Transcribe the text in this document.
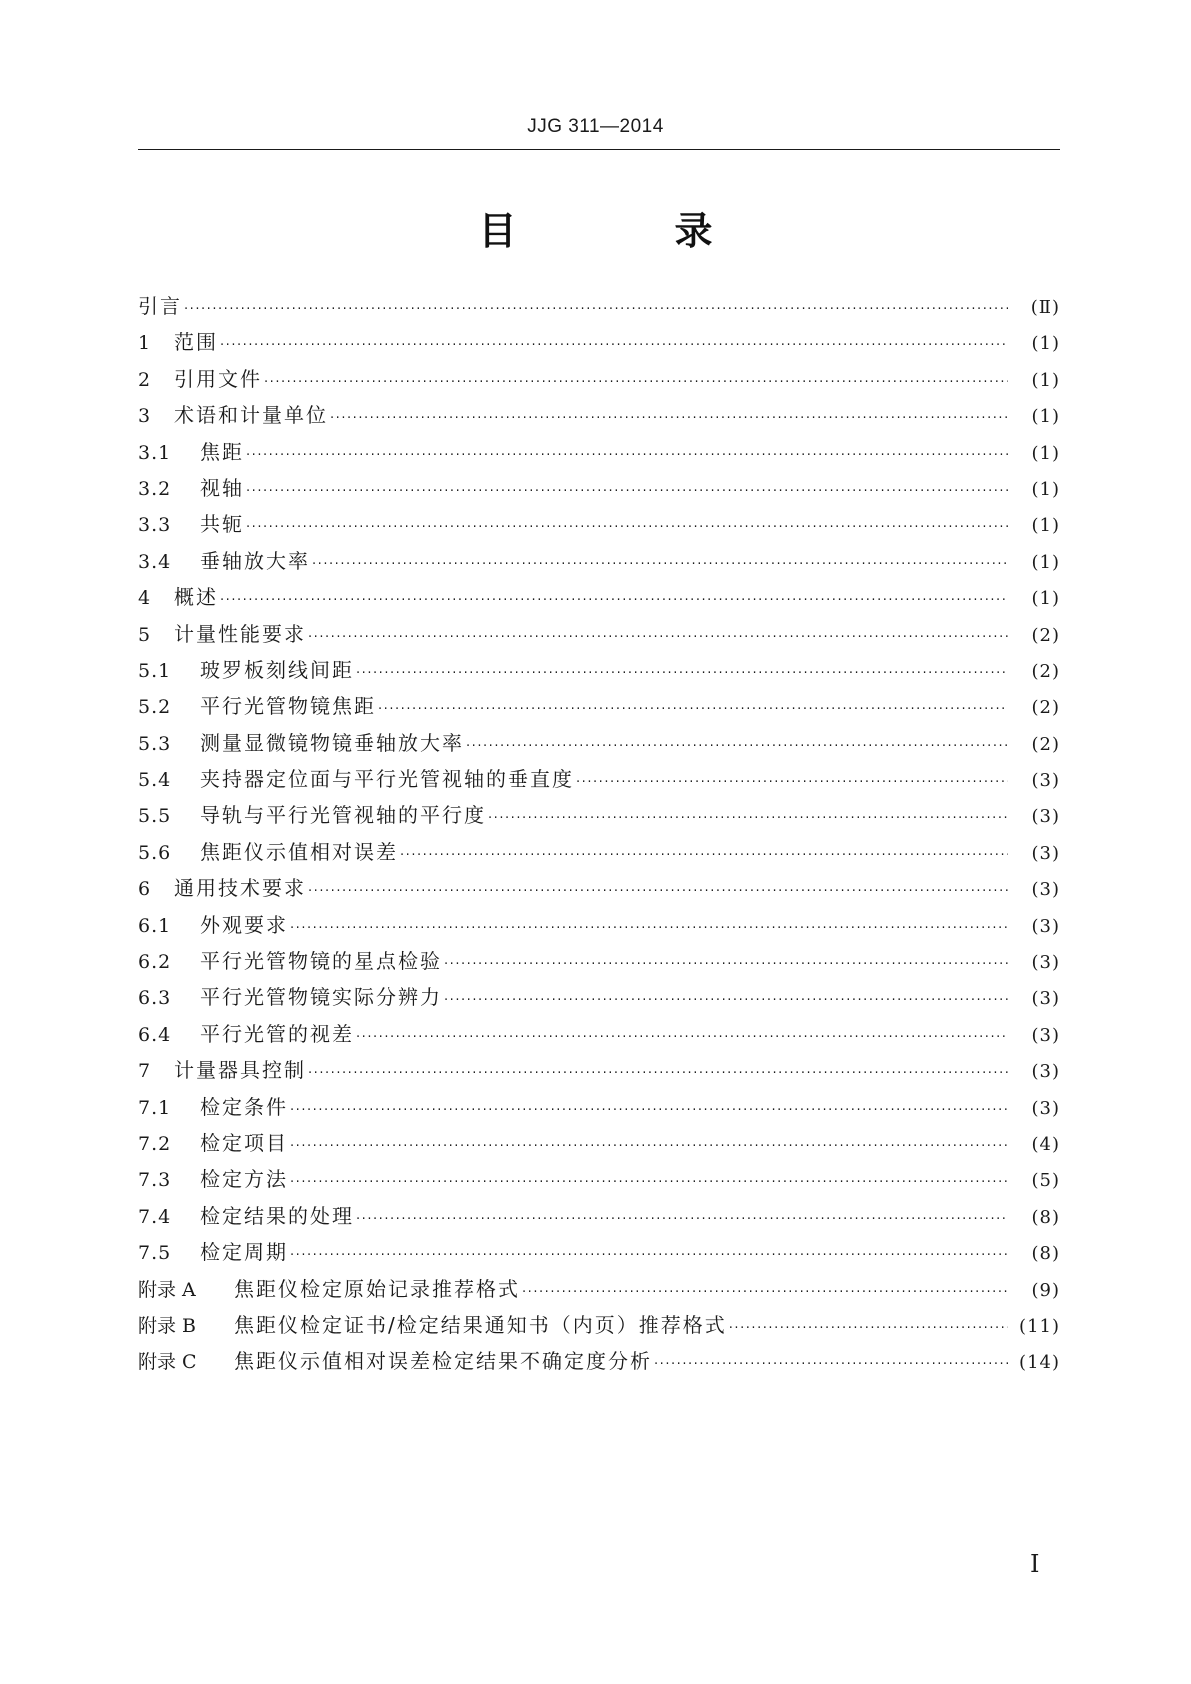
JJG 311—2014
目　录
引言 · · ·	(Ⅱ)
1	范围 · · ·	(1)
2	引用文件 · · ·	(1)
3	术语和计量单位 · · ·	(1)
3.1	焦距 · · ·	(1)
3.2	视轴 · · ·	(1)
3.3	共轭 · · ·	(1)
3.4	垂轴放大率 · · ·	(1)
4	概述 · · ·	(1)
5	计量性能要求 · · ·	(2)
5.1	玻罗板刻线间距 · · ·	(2)
5.2	平行光管物镜焦距 · · ·	(2)
5.3	测量显微镜物镜垂轴放大率 · · ·	(2)
5.4	夹持器定位面与平行光管视轴的垂直度 · · ·	(3)
5.5	导轨与平行光管视轴的平行度 · · ·	(3)
5.6	焦距仪示值相对误差 · · ·	(3)
6	通用技术要求 · · ·	(3)
6.1	外观要求 · · ·	(3)
6.2	平行光管物镜的星点检验 · · ·	(3)
6.3	平行光管物镜实际分辨力 · · ·	(3)
6.4	平行光管的视差 · · ·	(3)
7	计量器具控制 · · ·	(3)
7.1	检定条件 · · ·	(3)
7.2	检定项目 · · ·	(4)
7.3	检定方法 · · ·	(5)
7.4	检定结果的处理 · · ·	(8)
7.5	检定周期 · · ·	(8)
附录 A	焦距仪检定原始记录推荐格式 · · ·	(9)
附录 B	焦距仪检定证书/检定结果通知书（内页）推荐格式 · · ·	(11)
附录 C	焦距仪示值相对误差检定结果不确定度分析 · · ·	(14)
I
